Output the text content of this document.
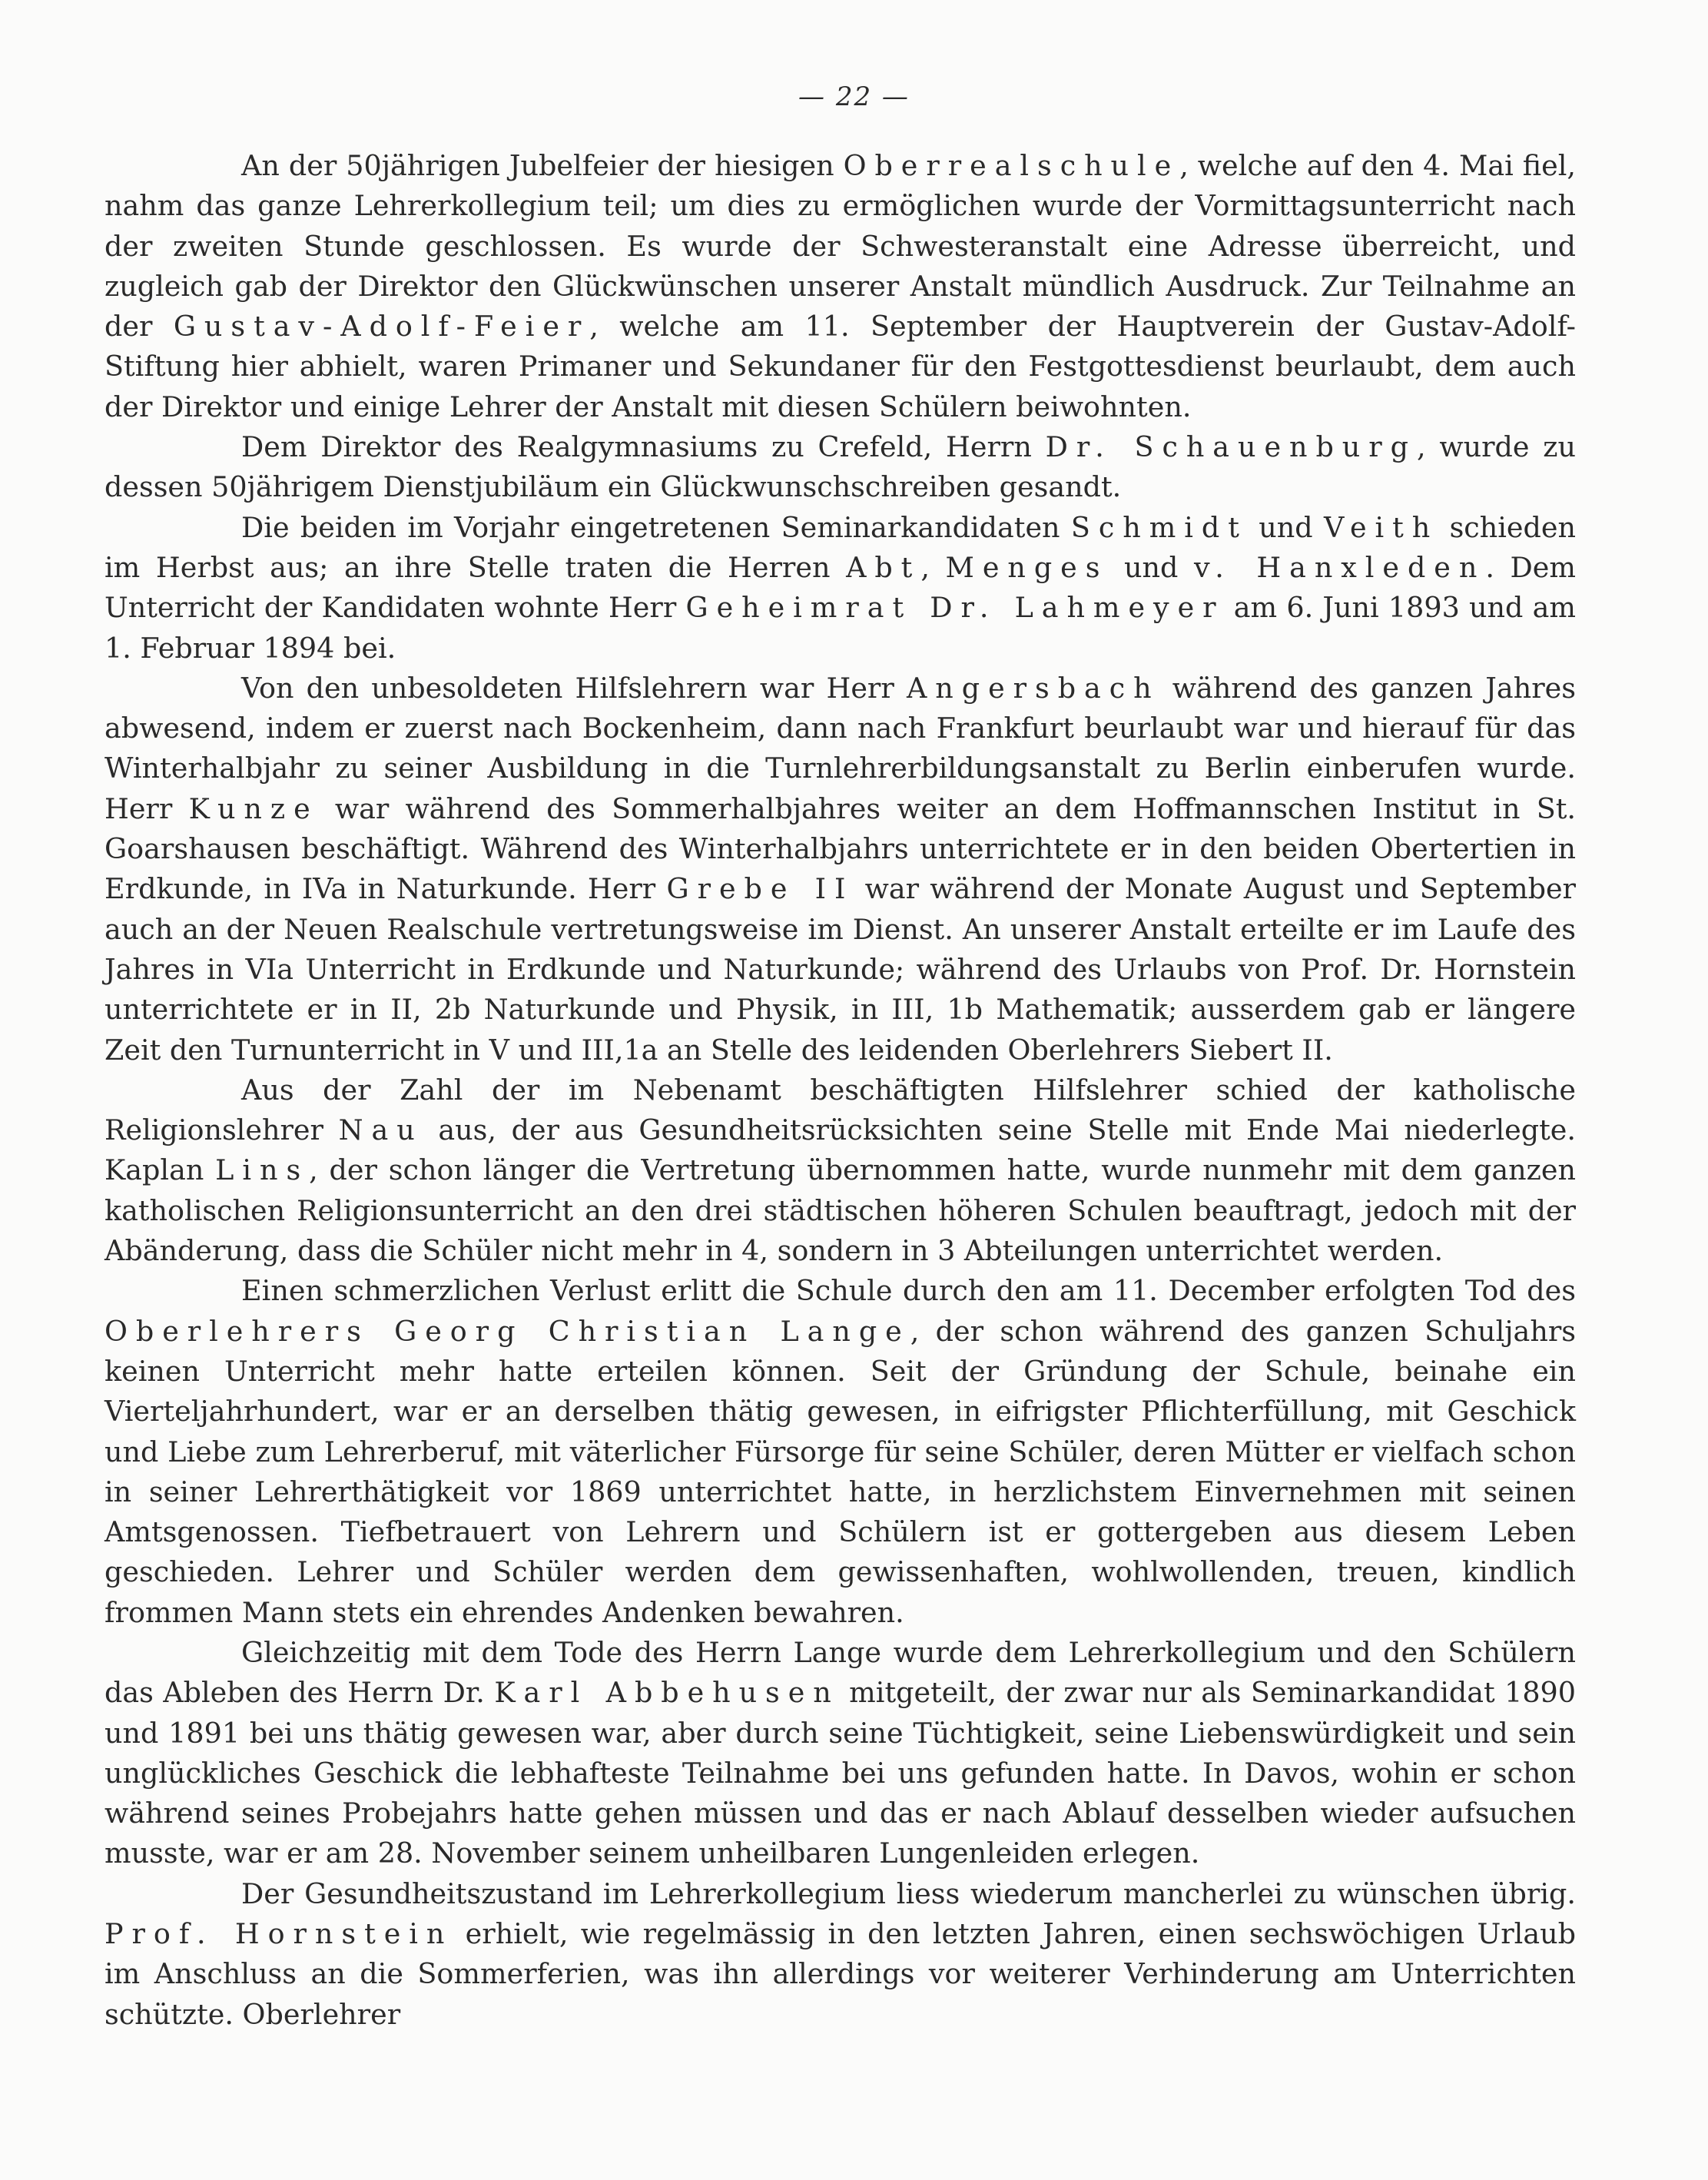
— 22 —

An der 50jährigen Jubelfeier der hiesigen Oberrealschule, welche auf den 4. Mai fiel, nahm das ganze Lehrerkollegium teil; um dies zu ermöglichen wurde der Vormittagsunterricht nach der zweiten Stunde geschlossen. Es wurde der Schwesteranstalt eine Adresse überreicht, und zugleich gab der Direktor den Glückwünschen unserer Anstalt mündlich Ausdruck. Zur Teilnahme an der Gustav-Adolf-Feier, welche am 11. September der Hauptverein der Gustav-Adolf-Stiftung hier abhielt, waren Primaner und Sekundaner für den Festgottesdienst beurlaubt, dem auch der Direktor und einige Lehrer der Anstalt mit diesen Schülern beiwohnten.

Dem Direktor des Realgymnasiums zu Crefeld, Herrn Dr. Schauenburg, wurde zu dessen 50jährigem Dienstjubiläum ein Glückwunschschreiben gesandt.

Die beiden im Vorjahr eingetretenen Seminarkandidaten Schmidt und Veith schieden im Herbst aus; an ihre Stelle traten die Herren Abt, Menges und v. Hanxleden. Dem Unterricht der Kandidaten wohnte Herr Geheimrat Dr. Lahmeyer am 6. Juni 1893 und am 1. Februar 1894 bei.

Von den unbesoldeten Hilfslehrern war Herr Angersbach während des ganzen Jahres abwesend, indem er zuerst nach Bockenheim, dann nach Frankfurt beurlaubt war und hierauf für das Winterhalbjahr zu seiner Ausbildung in die Turnlehrerbildungsanstalt zu Berlin einberufen wurde. Herr Kunze war während des Sommerhalbjahres weiter an dem Hoffmannschen Institut in St. Goarshausen beschäftigt. Während des Winterhalbjahrs unterrichtete er in den beiden Obertertien in Erdkunde, in IVa in Naturkunde. Herr Grebe II war während der Monate August und September auch an der Neuen Realschule vertretungsweise im Dienst. An unserer Anstalt erteilte er im Laufe des Jahres in VIa Unterricht in Erdkunde und Naturkunde; während des Urlaubs von Prof. Dr. Hornstein unterrichtete er in II, 2b Naturkunde und Physik, in III, 1b Mathematik; ausserdem gab er längere Zeit den Turnunterricht in V und III,1a an Stelle des leidenden Oberlehrers Siebert II.

Aus der Zahl der im Nebenamt beschäftigten Hilfslehrer schied der katholische Religionslehrer Nau aus, der aus Gesundheitsrücksichten seine Stelle mit Ende Mai niederlegte. Kaplan Lins, der schon länger die Vertretung übernommen hatte, wurde nunmehr mit dem ganzen katholischen Religionsunterricht an den drei städtischen höheren Schulen beauftragt, jedoch mit der Abänderung, dass die Schüler nicht mehr in 4, sondern in 3 Abteilungen unterrichtet werden.

Einen schmerzlichen Verlust erlitt die Schule durch den am 11. December erfolgten Tod des Oberlehrers Georg Christian Lange, der schon während des ganzen Schuljahrs keinen Unterricht mehr hatte erteilen können. Seit der Gründung der Schule, beinahe ein Vierteljahrhundert, war er an derselben thätig gewesen, in eifrigster Pflichterfüllung, mit Geschick und Liebe zum Lehrerberuf, mit väterlicher Fürsorge für seine Schüler, deren Mütter er vielfach schon in seiner Lehrerthätigkeit vor 1869 unterrichtet hatte, in herzlichstem Einvernehmen mit seinen Amtsgenossen. Tiefbetrauert von Lehrern und Schülern ist er gottergeben aus diesem Leben geschieden. Lehrer und Schüler werden dem gewissenhaften, wohlwollenden, treuen, kindlich frommen Mann stets ein ehrendes Andenken bewahren.

Gleichzeitig mit dem Tode des Herrn Lange wurde dem Lehrerkollegium und den Schülern das Ableben des Herrn Dr. Karl Abbehusen mitgeteilt, der zwar nur als Seminarkandidat 1890 und 1891 bei uns thätig gewesen war, aber durch seine Tüchtigkeit, seine Liebenswürdigkeit und sein unglückliches Geschick die lebhafteste Teilnahme bei uns gefunden hatte. In Davos, wohin er schon während seines Probejahrs hatte gehen müssen und das er nach Ablauf desselben wieder aufsuchen musste, war er am 28. November seinem unheilbaren Lungenleiden erlegen.

Der Gesundheitszustand im Lehrerkollegium liess wiederum mancherlei zu wünschen übrig. Prof. Hornstein erhielt, wie regelmässig in den letzten Jahren, einen sechswöchigen Urlaub im Anschluss an die Sommerferien, was ihn allerdings vor weiterer Verhinderung am Unterrichten schützte. Oberlehrer
